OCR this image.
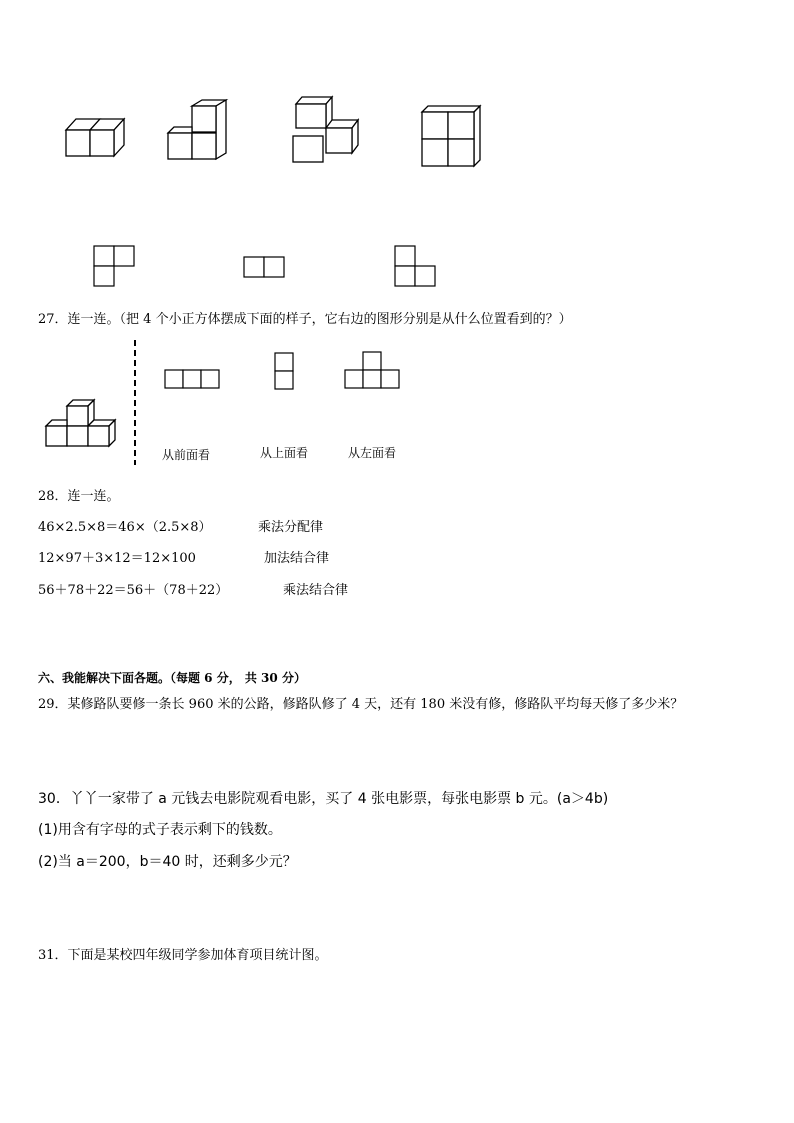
27．连一连。（把 4 个小正方体摆成下面的样子，它右边的图形分别是从什么位置看到的？）
从前面看	从上面看	从左面看
28．连一连。
46×2.5×8＝46×（2.5×8）
12×97＋3×12＝12×100
56＋78＋22＝56＋（78＋22）
乘法分配律
加法结合律
乘法结合律
六、我能解决下面各题。（每题 6 分， 共 30 分）
29．某修路队要修一条长 960 米的公路，修路队修了 4 天，还有 180 米没有修，修路队平均每天修了多少米？
30．丫丫一家带了 a 元钱去电影院观看电影，买了 4 张电影票，每张电影票 b 元。(a＞4b)
(1)用含有字母的式子表示剩下的钱数。
(2)当 a＝200，b＝40 时，还剩多少元？
31．下面是某校四年级同学参加体育项目统计图。
